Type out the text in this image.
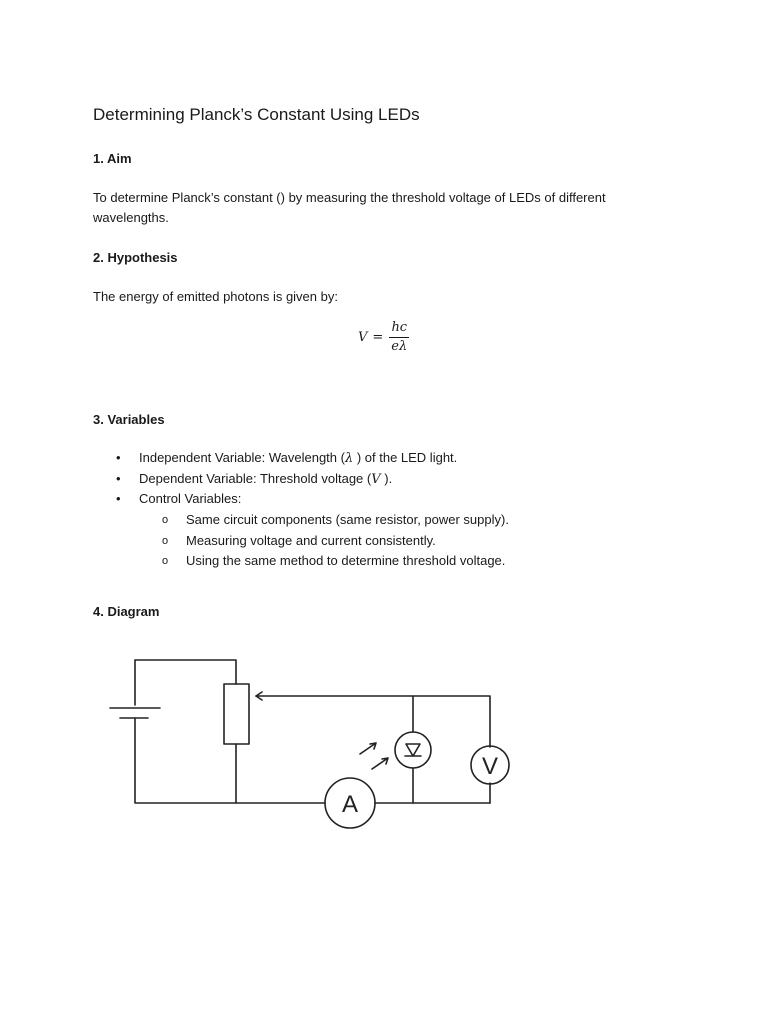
Determining Planck’s Constant Using LEDs
1. Aim

To determine Planck’s constant () by measuring the threshold voltage of LEDs of different wavelengths.

2. Hypothesis

The energy of emitted photons is given by:

$V = \frac{hc}{e\lambda}$
3. Variables
• Independent Variable: Wavelength (λ ) of the LED light.
• Dependent Variable: Threshold voltage (V ).
• Control Variables:
o Same circuit components (same resistor, power supply).
o Measuring voltage and current consistently.
o Using the same method to determine threshold voltage.
4. Diagram
A
V
